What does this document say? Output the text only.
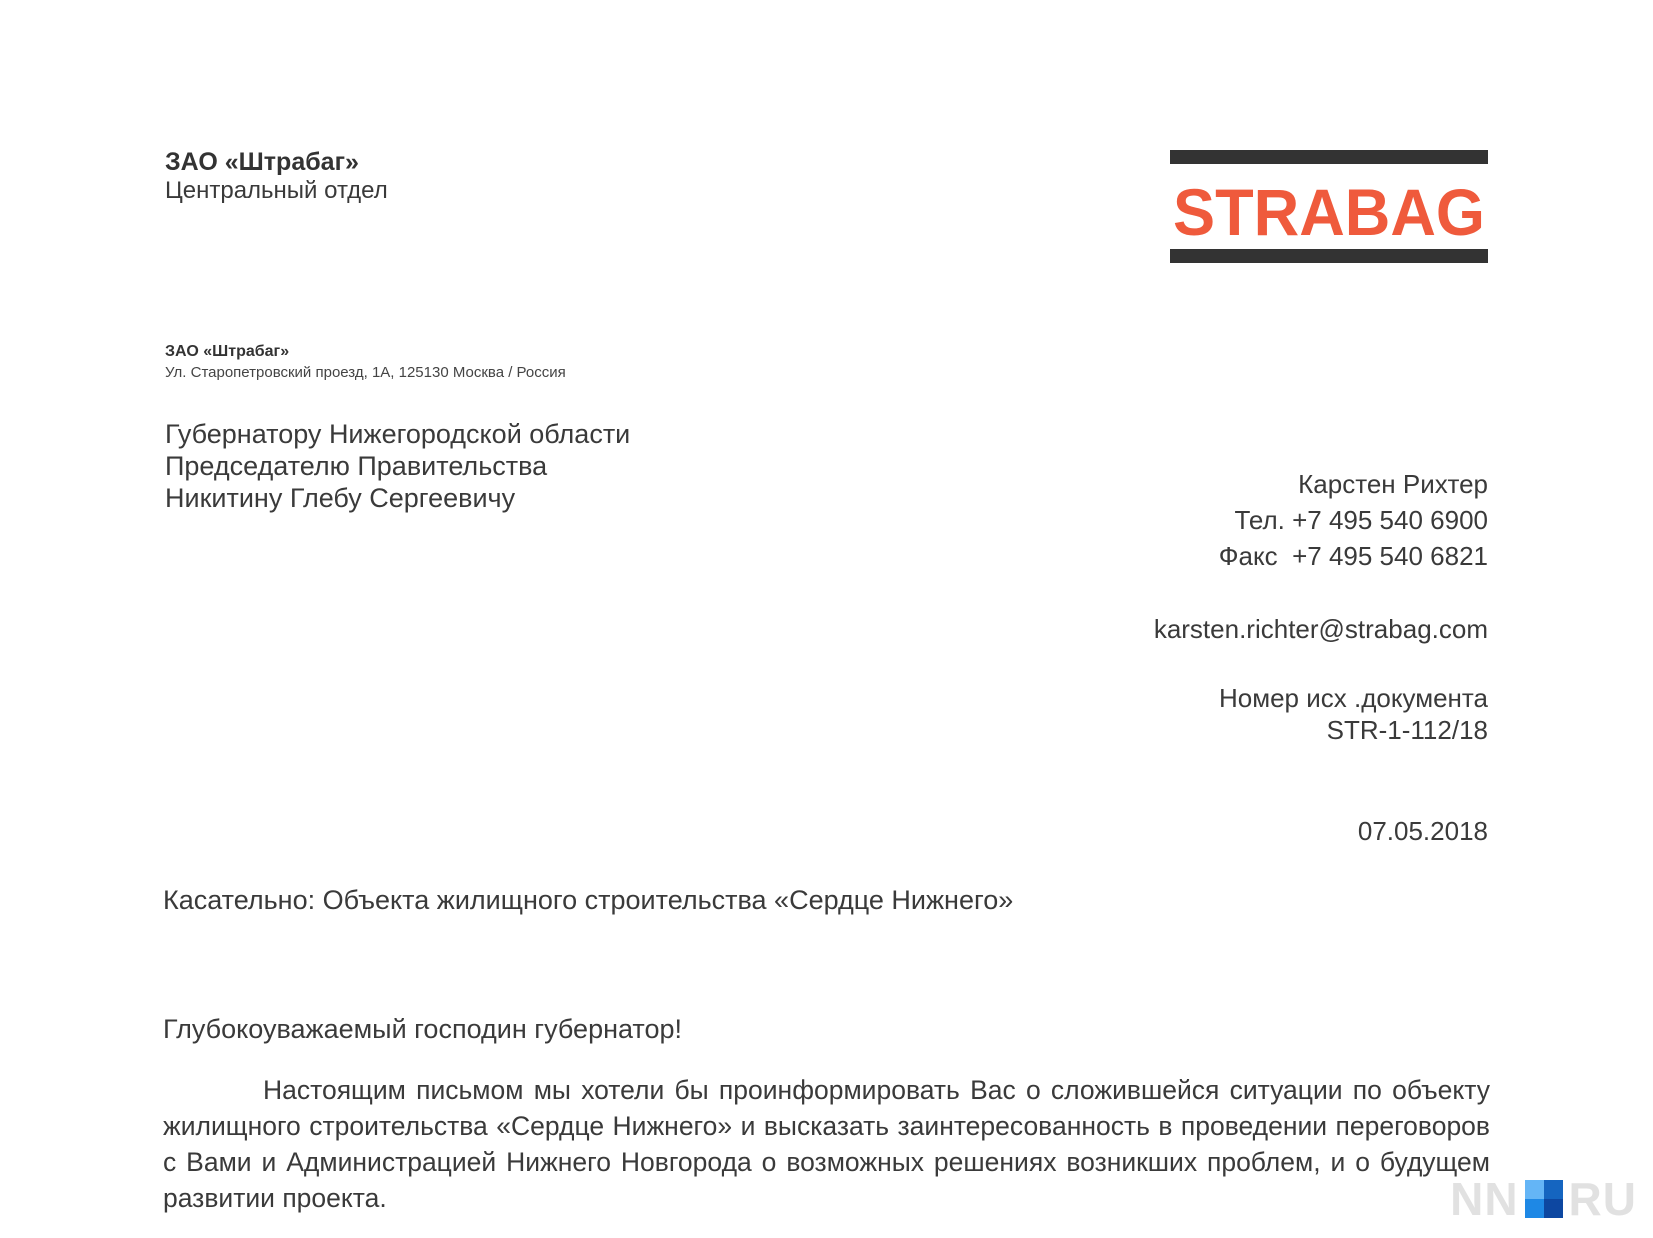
ЗАО «Штрабаг»
Центральный отдел	STRABAG
ЗАО «Штрабаг»
Ул. Старопетровский проезд, 1А, 125130 Москва / Россия
Губернатору Нижегородской области
Председателю Правительства
Никитину Глебу Сергеевичу	Карстен Рихтер
Тел. +7 495 540 6900
Факс  +7 495 540 6821
karsten.richter@strabag.com
Номер исх .документа
STR-1-112/18
07.05.2018
Касательно: Объекта жилищного строительства «Сердце Нижнего»
Глубокоуважаемый господин губернатор!
Настоящим письмом мы хотели бы проинформировать Вас о сложившейся ситуации по объекту жилищного строительства «Сердце Нижнего» и высказать заинтересованность в проведении переговоров с Вами и Администрацией Нижнего Новгорода о возможных решениях возникших проблем, и о будущем развитии проекта.	NN RU
